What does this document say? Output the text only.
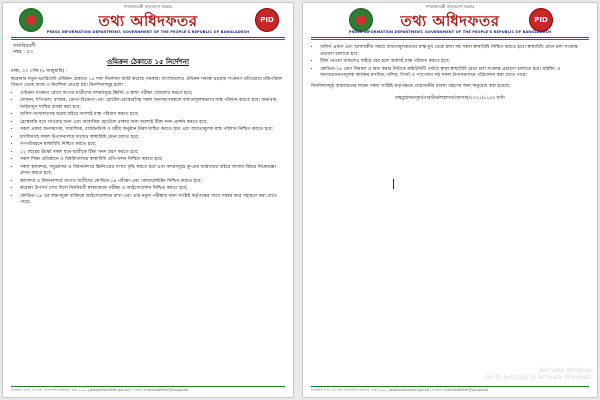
গণপ্রজাতন্ত্রী বাংলাদেশ সরকার
তথ্য অধিদফতর	PID
PRESS INFORMATION DEPARTMENT, GOVERNMENT OF THE PEOPLE'S REPUBLIC OF BANGLADESH
তথ্যবিবরণী
নম্বর : ৫৩
ওমিক্রন ঠেকাতে ১৫ নির্দেশনা

ঢাকা, ২০ পৌষ (৪ জানুয়ারি) :

করোনার নতুন ভ্যারিয়েন্ট ওমিক্রন ঠেকাতে ১৫ দফা নির্দেশনা জারি করেছে সরকার। বাংলাদেশেও ওমিক্রন শনাক্ত হওয়ায় সংক্রমণ প্রতিরোধে মন্ত্রিপরিষদ বিভাগ থেকে আজ এ নির্দেশনা দেওয়া হয়। নির্দেশনাসমূহ হলো :

• ওমিক্রন সংক্রমণ রোধে আগত যাত্রীদের বন্দরসমূহে স্ক্রিনিং ও স্বাস্থ্য পরীক্ষা জোরদার করতে হবে;
• দোকান, শপিংমল, বাজার, ক্রেতা-বিক্রেতা এবং হোটেল-রেস্তোরাঁসহ সকল জনসমাগমস্থলে বাধ্যতামূলকভাবে মাস্ক পরিধান করতে হবে। অন্যথায় আইনানুগ শাস্তির ব্যবস্থা করা হবে;
• অফিস-আদালতসহ ঘরের বাইরে অবশ্যই মাস্ক পরিধান করতে হবে;
• রেস্তোরাঁয় বসে খাওয়ার জন্য এবং আবাসিক হোটেলে থাকার জন্য অবশ্যই টিকা সনদ প্রদর্শন করতে হবে;
• সকল প্রকার জনসমাগম, সামাজিক, রাজনৈতিক ও ধর্মীয় অনুষ্ঠান নিরুৎসাহিত করতে হবে এবং বাধ্যতামূলক মাস্ক পরিধান নিশ্চিত করতে হবে;
• মসজিদসহ সকল উপাসনালয়ে যথাযথ স্বাস্থ্যবিধি মেনে চলতে হবে;
• গণপরিবহনে স্বাস্থ্যবিধি নিশ্চিত করতে হবে;
• ১২ বছরের ঊর্ধ্বে সকল ছাত্র-ছাত্রীকে টিকা সনদ গ্রহণ করতে হবে;
• সকল শিক্ষা প্রতিষ্ঠানে ও বিশ্ববিদ্যালয়ে স্বাস্থ্যবিধি প্রতিপালন নিশ্চিত করতে হবে;
• সকল স্থলবন্দর, সমুদ্রবন্দর ও বিমানবন্দরে স্ক্রিনিংয়ের সংখ্যা বৃদ্ধি করতে হবে এবং বন্দরসমূহে ক্রু-দের জাহাজের বাইরে আসার বিষয়ে নিষেধাজ্ঞা প্রদান করতে হবে;
• স্থলবন্দর ও বিমানবন্দরে আগত যাত্রীদের কোভিড-১৯ পরীক্ষা এবং কোয়ারেন্টাইন নিশ্চিত করতে হবে;
• করোনা উপসর্গ দেখা দিলে নিকটবর্তী স্বাস্থ্যকেন্দ্রে পরীক্ষা ও আইসোলেশন নিশ্চিত করতে হবে;
• কোভিড-১৯ এর লক্ষণযুক্ত ব্যক্তিকে আইসোলেশনে রাখা এবং তার নমুনা পরীক্ষার জন্য সংশ্লিষ্ট কর্তৃপক্ষের সাথে সমন্বয় করে সহায়তা করা যেতে পারে।
পিআইডি ভবন, ৭ম তলা, বাংলাদেশ সচিবালয়, ঢাকা-১০০০ | www.pressinform.gov.bd | ই-মেইল: chief.infoofficer@pid.gov.bd
গণপ্রজাতন্ত্রী বাংলাদেশ সরকার
তথ্য অধিদফতর	PID
PRESS INFORMATION DEPARTMENT, GOVERNMENT OF THE PEOPLE'S REPUBLIC OF BANGLADESH
• অফিস প্রধান এবং আবশ্যকীয় সময়ে বাধ্যতামূলকভাবে মাস্ক-মুখ ঢেকে রাখা সহ সকল স্বাস্থ্যবিধি নিশ্চিত করতে হবে। স্বাস্থ্যবিধি মেনে চলা সংক্রান্ত প্রচারণা চালাতে হবে;
• টিকা নেওয়া থাকলেও বাইরে বের হলে অবশ্যই মাস্ক পরিধান করতে হবে;
• কোভিড-১৯ রোগ নিয়ন্ত্রণ ও দ্রুত করার নিমিত্তে কমিউনিটি পর্যায়ে স্বাস্থ্য স্বাস্থ্যবিধি মেনে চলা সংক্রান্ত প্রচারণা চালাতে হবে। মাইকিং ও জনসচেতনতামূলক কার্যক্রম মসজিদ, মন্দির, গির্জা ও প্যাগোডা সহ সকল উপাসনালয়ে পরিচালনা করা যেতে পারে।

নির্দেশনাসমূহ বাস্তবায়নের লক্ষ্যে সকল সংশ্লিষ্ট কর্তৃপক্ষকে প্রয়োজনীয় ব্যবস্থা গ্রহণের জন্য অনুরোধ করা হয়েছে।

মাহবুব/অনসূয়া/পারভীন/শাহাদাত/আসমা/২০২২/১১৩০ ঘণ্টা

Activate Windows
Go to Settings to activate Windows.
পিআইডি ভবন, ৭ম তলা, বাংলাদেশ সচিবালয়, ঢাকা-১০০০ | www.pressinform.gov.bd | ই-মেইল: chief.infoofficer@pid.gov.bd
